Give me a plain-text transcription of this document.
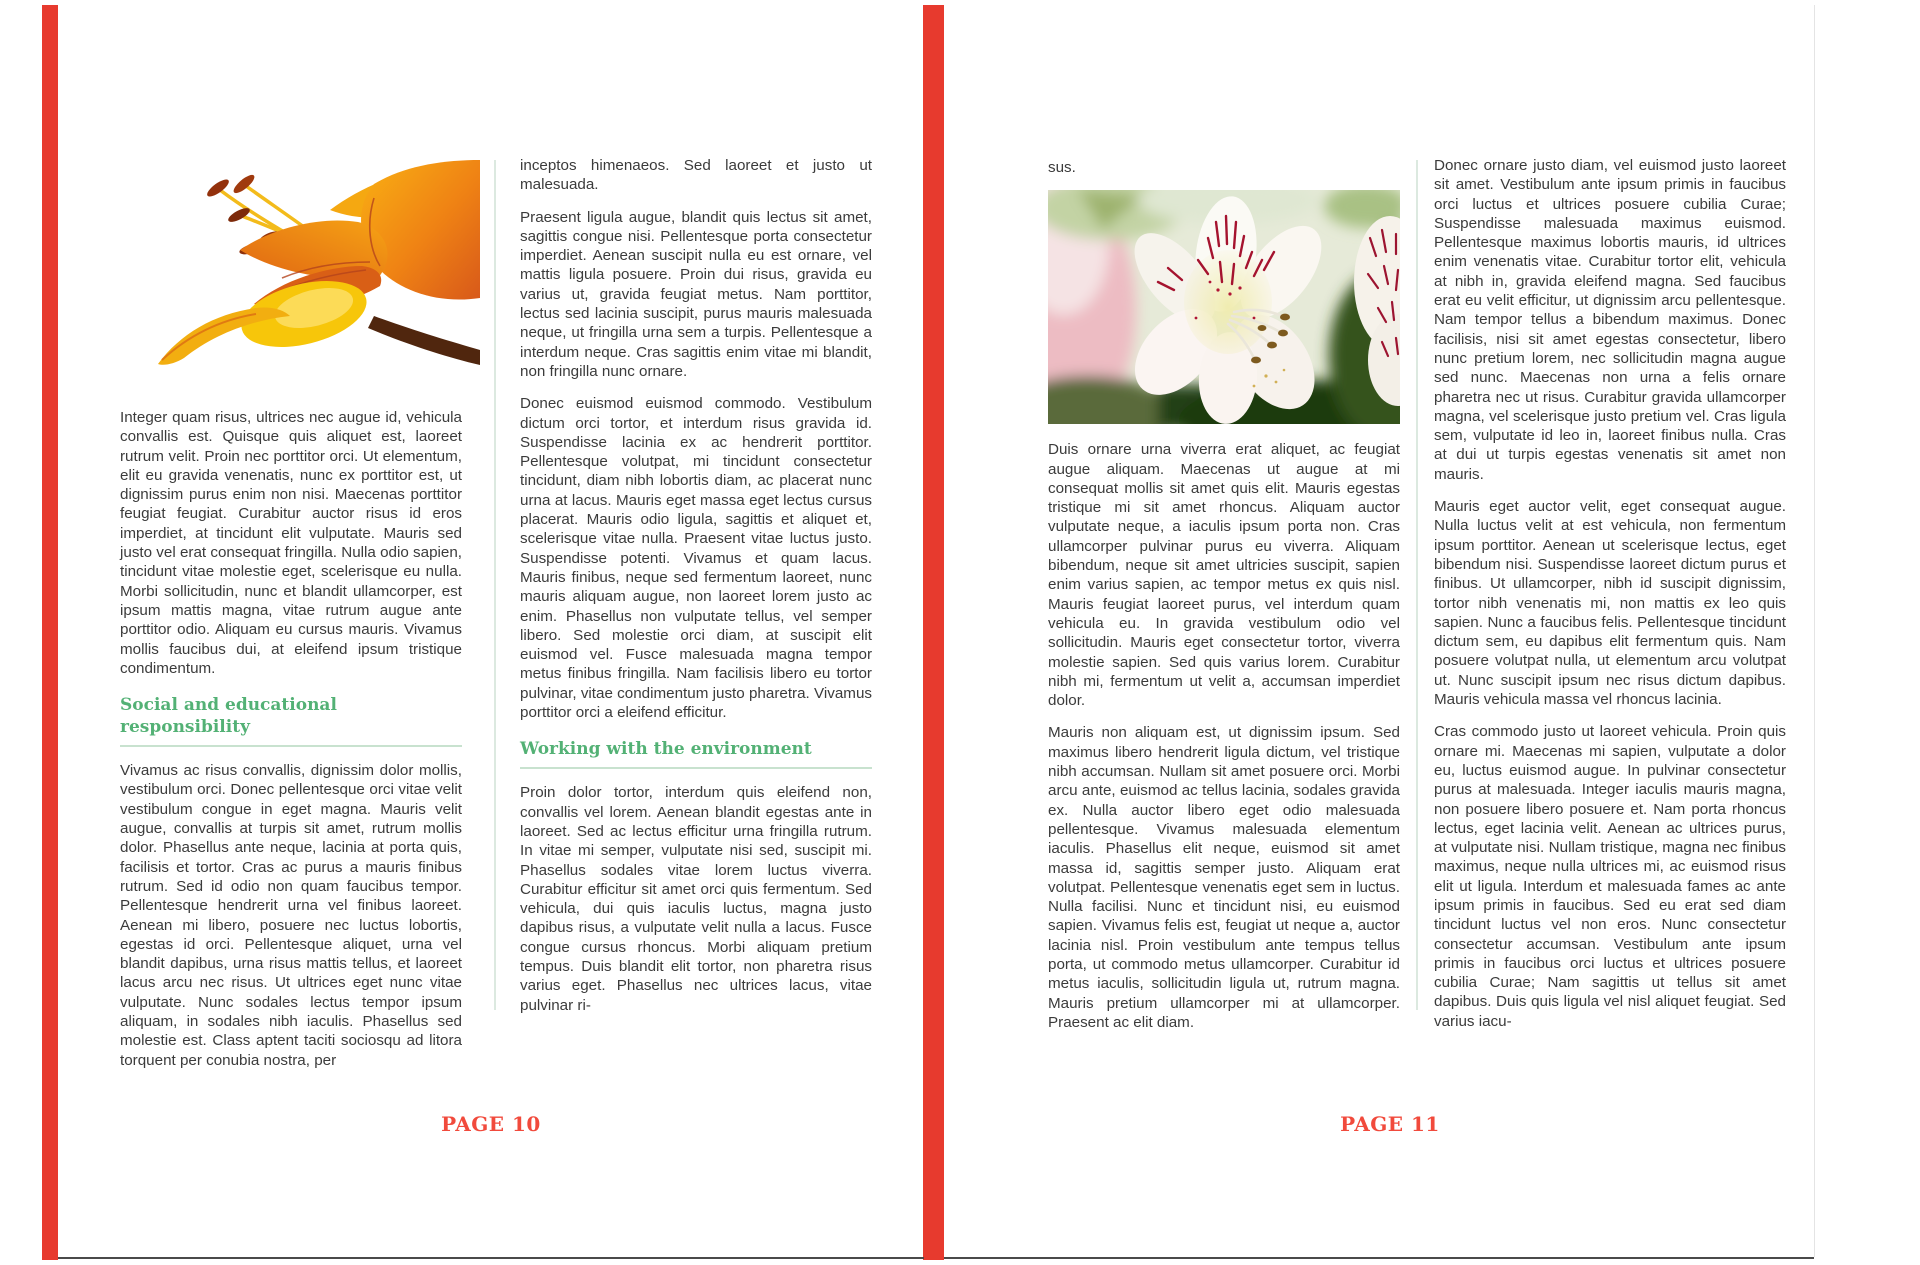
Integer quam risus, ultrices nec augue id, vehicula convallis est. Quisque quis aliquet est, laoreet rutrum velit. Proin nec porttitor orci. Ut elementum, elit eu gravida venenatis, nunc ex porttitor est, ut dignissim purus enim non nisi. Maecenas porttitor feugiat feugiat. Curabitur auctor risus id eros imperdiet, at tincidunt elit vulputate. Mauris sed justo vel erat consequat fringilla. Nulla odio sapien, tincidunt vitae molestie eget, scelerisque eu nulla. Morbi sollicitudin, nunc et blandit ullamcorper, est ipsum mattis magna, vitae rutrum augue ante porttitor odio. Aliquam eu cursus mauris. Vivamus mollis faucibus dui, at eleifend ipsum tristique condimentum.

Social and educational responsibility

Vivamus ac risus convallis, dignissim dolor mollis, vestibulum orci. Donec pellentesque orci vitae velit vestibulum congue in eget magna. Mauris velit augue, convallis at turpis sit amet, rutrum mollis dolor. Phasellus ante neque, lacinia at porta quis, facilisis et tortor. Cras ac purus a mauris finibus rutrum. Sed id odio non quam faucibus tempor. Pellentesque hendrerit urna vel finibus laoreet. Aenean mi libero, posuere nec luctus lobortis, egestas id orci. Pellentesque aliquet, urna vel blandit dapibus, urna risus mattis tellus, et laoreet lacus arcu nec risus. Ut ultrices eget nunc vitae vulputate. Nunc sodales lectus tempor ipsum aliquam, in sodales nibh iaculis. Phasellus sed molestie est. Class aptent taciti sociosqu ad litora torquent per conubia nostra, per

inceptos himenaeos. Sed laoreet et justo ut malesuada.

Praesent ligula augue, blandit quis lectus sit amet, sagittis congue nisi. Pellentesque porta consectetur imperdiet. Aenean suscipit nulla eu est ornare, vel mattis ligula posuere. Proin dui risus, gravida eu varius ut, gravida feugiat metus. Nam porttitor, lectus sed lacinia suscipit, purus mauris malesuada neque, ut fringilla urna sem a turpis. Pellentesque a interdum neque. Cras sagittis enim vitae mi blandit, non fringilla nunc ornare.

Donec euismod euismod commodo. Vestibulum dictum orci tortor, et interdum risus gravida id. Suspendisse lacinia ex ac hendrerit porttitor. Pellentesque volutpat, mi tincidunt consectetur tincidunt, diam nibh lobortis diam, ac placerat nunc urna at lacus. Mauris eget massa eget lectus cursus placerat. Mauris odio ligula, sagittis et aliquet et, scelerisque vitae nulla. Praesent vitae luctus justo. Suspendisse potenti. Vivamus et quam lacus. Mauris finibus, neque sed fermentum laoreet, nunc mauris aliquam augue, non laoreet lorem justo ac enim. Phasellus non vulputate tellus, vel semper libero. Sed molestie orci diam, at suscipit elit euismod vel. Fusce malesuada magna tempor metus finibus fringilla. Nam facilisis libero eu tortor pulvinar, vitae condimentum justo pharetra. Vivamus porttitor orci a eleifend efficitur.

Working with the environment

Proin dolor tortor, interdum quis eleifend non, convallis vel lorem. Aenean blandit egestas ante in laoreet. Sed ac lectus efficitur urna fringilla rutrum. In vitae mi semper, vulputate nisi sed, suscipit mi. Phasellus sodales vitae lorem luctus viverra. Curabitur efficitur sit amet orci quis fermentum. Sed vehicula, dui quis iaculis luctus, magna justo dapibus risus, a vulputate velit nulla a lacus. Fusce congue cursus rhoncus. Morbi aliquam pretium tempus. Duis blandit elit tortor, non pharetra risus varius eget. Phasellus nec ultrices lacus, vitae pulvinar ri-

sus.

Duis ornare urna viverra erat aliquet, ac feugiat augue aliquam. Maecenas ut augue at mi consequat mollis sit amet quis elit. Mauris egestas tristique mi sit amet rhoncus. Aliquam auctor vulputate neque, a iaculis ipsum porta non. Cras ullamcorper pulvinar purus eu viverra. Aliquam bibendum, neque sit amet ultricies suscipit, sapien enim varius sapien, ac tempor metus ex quis nisl. Mauris feugiat laoreet purus, vel interdum quam vehicula eu. In gravida vestibulum odio vel sollicitudin. Mauris eget consectetur tortor, viverra molestie sapien. Sed quis varius lorem. Curabitur nibh mi, fermentum ut velit a, accumsan imperdiet dolor.

Mauris non aliquam est, ut dignissim ipsum. Sed maximus libero hendrerit ligula dictum, vel tristique nibh accumsan. Nullam sit amet posuere orci. Morbi arcu ante, euismod ac tellus lacinia, sodales gravida ex. Nulla auctor libero eget odio malesuada pellentesque. Vivamus malesuada elementum iaculis. Phasellus elit neque, euismod sit amet massa id, sagittis semper justo. Aliquam erat volutpat. Pellentesque venenatis eget sem in luctus. Nulla facilisi. Nunc et tincidunt nisi, eu euismod sapien. Vivamus felis est, feugiat ut neque a, auctor lacinia nisl. Proin vestibulum ante tempus tellus porta, ut commodo metus ullamcorper. Curabitur id metus iaculis, sollicitudin ligula ut, rutrum magna. Mauris pretium ullamcorper mi at ullamcorper. Praesent ac elit diam.

Donec ornare justo diam, vel euismod justo laoreet sit amet. Vestibulum ante ipsum primis in faucibus orci luctus et ultrices posuere cubilia Curae; Suspendisse malesuada maximus euismod. Pellentesque maximus lobortis mauris, id ultrices enim venenatis vitae. Curabitur tortor elit, vehicula at nibh in, gravida eleifend magna. Sed faucibus erat eu velit efficitur, ut dignissim arcu pellentesque. Nam tempor tellus a bibendum maximus. Donec facilisis, nisi sit amet egestas consectetur, libero nunc pretium lorem, nec sollicitudin magna augue sed nunc. Maecenas non urna a felis ornare pharetra nec ut risus. Curabitur gravida ullamcorper magna, vel scelerisque justo pretium vel. Cras ligula sem, vulputate id leo in, laoreet finibus nulla. Cras at dui ut turpis egestas venenatis sit amet non mauris.

Mauris eget auctor velit, eget consequat augue. Nulla luctus velit at est vehicula, non fermentum ipsum porttitor. Aenean ut scelerisque lectus, eget bibendum nisi. Suspendisse laoreet dictum purus et finibus. Ut ullamcorper, nibh id suscipit dignissim, tortor nibh venenatis mi, non mattis ex leo quis sapien. Nunc a faucibus felis. Pellentesque tincidunt dictum sem, eu dapibus elit fermentum quis. Nam posuere volutpat nulla, ut elementum arcu volutpat ut. Nunc suscipit ipsum nec risus dictum dapibus. Mauris vehicula massa vel rhoncus lacinia.

Cras commodo justo ut laoreet vehicula. Proin quis ornare mi. Maecenas mi sapien, vulputate a dolor eu, luctus euismod augue. In pulvinar consectetur purus at malesuada. Integer iaculis mauris magna, non posuere libero posuere et. Nam porta rhoncus lectus, eget lacinia velit. Aenean ac ultrices purus, at vulputate nisi. Nullam tristique, magna nec finibus maximus, neque nulla ultrices mi, ac euismod risus elit ut ligula. Interdum et malesuada fames ac ante ipsum primis in faucibus. Sed eu erat sed diam tincidunt luctus vel non eros. Nunc consectetur consectetur accumsan. Vestibulum ante ipsum primis in faucibus orci luctus et ultrices posuere cubilia Curae; Nam sagittis ut tellus sit amet dapibus. Duis quis ligula vel nisl aliquet feugiat. Sed varius iacu-

PAGE 10	PAGE 11
